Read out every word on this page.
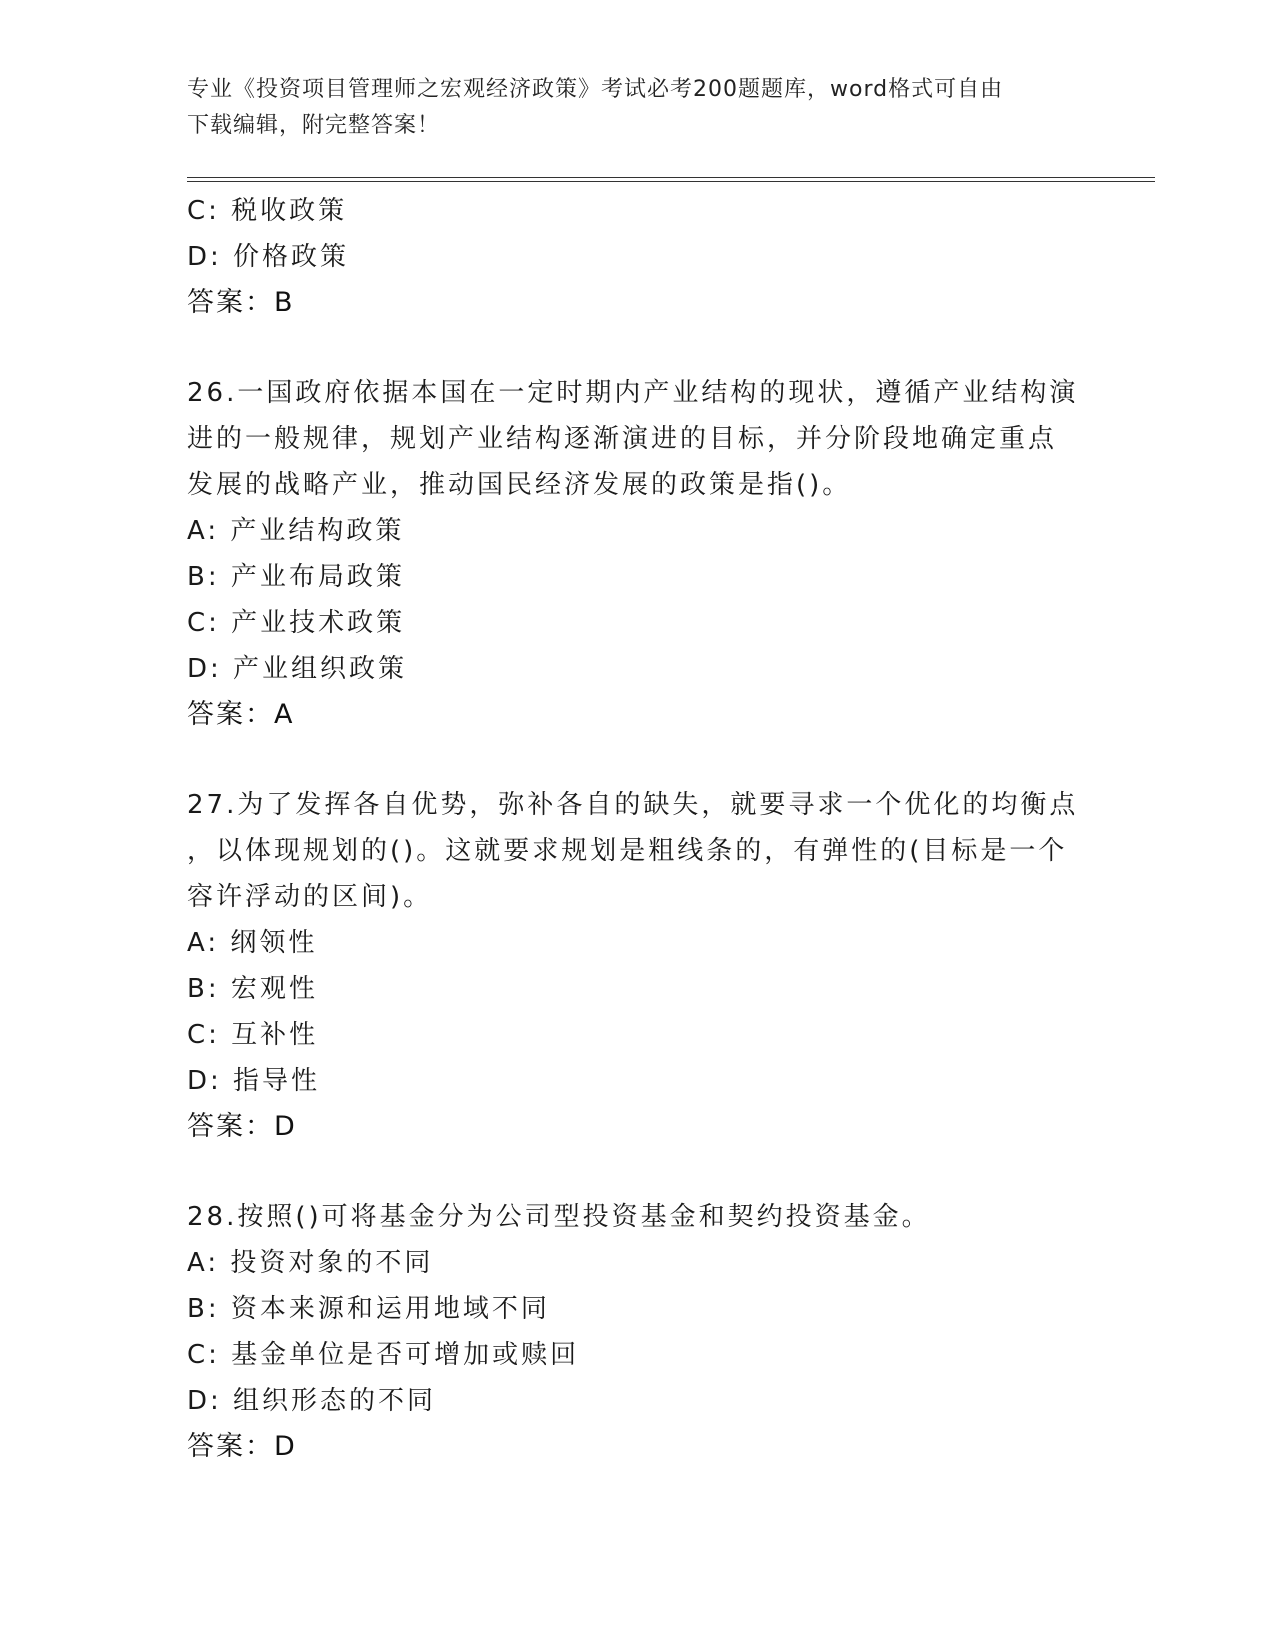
专业《投资项目管理师之宏观经济政策》考试必考200题题库，word格式可自由
下载编辑，附完整答案！
C: 税收政策
D: 价格政策
答案：B
26.一国政府依据本国在一定时期内产业结构的现状，遵循产业结构演
进的一般规律，规划产业结构逐渐演进的目标，并分阶段地确定重点
发展的战略产业，推动国民经济发展的政策是指()。
A: 产业结构政策
B: 产业布局政策
C: 产业技术政策
D: 产业组织政策
答案：A
27.为了发挥各自优势，弥补各自的缺失，就要寻求一个优化的均衡点
，以体现规划的()。这就要求规划是粗线条的，有弹性的(目标是一个
容许浮动的区间)。
A: 纲领性
B: 宏观性
C: 互补性
D: 指导性
答案：D
28.按照()可将基金分为公司型投资基金和契约投资基金。
A: 投资对象的不同
B: 资本来源和运用地域不同
C: 基金单位是否可增加或赎回
D: 组织形态的不同
答案：D
